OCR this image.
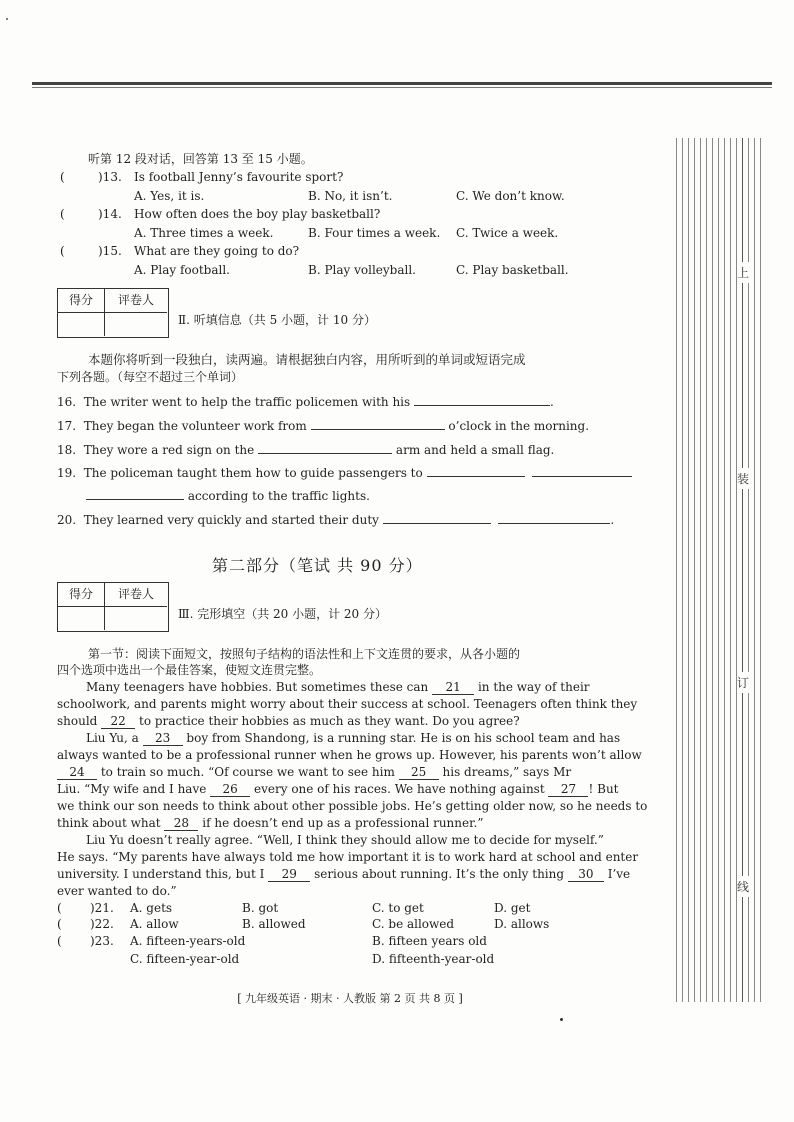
听第 12 段对话，回答第 13 至 15 小题。
(	)13. Is football Jenny’s favourite sport?
A. Yes, it is.	B. No, it isn’t.	C. We don’t know.
(	)14. How often does the boy play basketball?
A. Three times a week.	B. Four times a week. C. Twice a week.
(	)15. What are they going to do?
A. Play football.	B. Play volleyball.	C. Play basketball.
得分	评卷人
Ⅱ. 听填信息（共 5 小题，计 10 分）
本题你将听到一段独白，读两遍。请根据独白内容，用所听到的单词或短语完成
下列各题。（每空不超过三个单词）
16. The writer went to help the traffic policemen with his	.
17. They began the volunteer work from	o’clock in the morning.
18. They wore a red sign on the	arm and held a small flag.
19. The policeman taught them how to guide passengers to
according to the traffic lights.
20. They learned very quickly and started their duty	.
第二部分（笔试 共 90 分）
得分	评卷人
Ⅲ. 完形填空（共 20 小题，计 20 分）
第一节：阅读下面短文，按照句子结构的语法性和上下文连贯的要求，从各小题的
四个选项中选出一个最佳答案，使短文连贯完整。
Many teenagers have hobbies. But sometimes these can 21 in the way of their
schoolwork, and parents might worry about their success at school. Teenagers often think they
should 22 to practice their hobbies as much as they want. Do you agree?
Liu Yu, a 23 boy from Shandong, is a running star. He is on his school team and has
always wanted to be a professional runner when he grows up. However, his parents won’t allow
24 to train so much. “Of course we want to see him 25 his dreams,” says Mr
Liu. “My wife and I have 26 every one of his races. We have nothing against 27 ! But
we think our son needs to think about other possible jobs. He’s getting older now, so he needs to
think about what 28 if he doesn’t end up as a professional runner.”
Liu Yu doesn’t really agree. “Well, I think they should allow me to decide for myself.”
He says. “My parents have always told me how important it is to work hard at school and enter
university. I understand this, but I 29 serious about running. It’s the only thing 30 I’ve
ever wanted to do.”
( )21. A. gets	B. got	C. to get	D. get
( )22. A. allow	B. allowed	C. be allowed	D. allows
( )23. A. fifteen-years-old	B. fifteen years old
C. fifteen-year-old	D. fifteenth-year-old
上
装
订
线
[ 九年级英语 · 期末 · 人教版 第 2 页 共 8 页 ]
